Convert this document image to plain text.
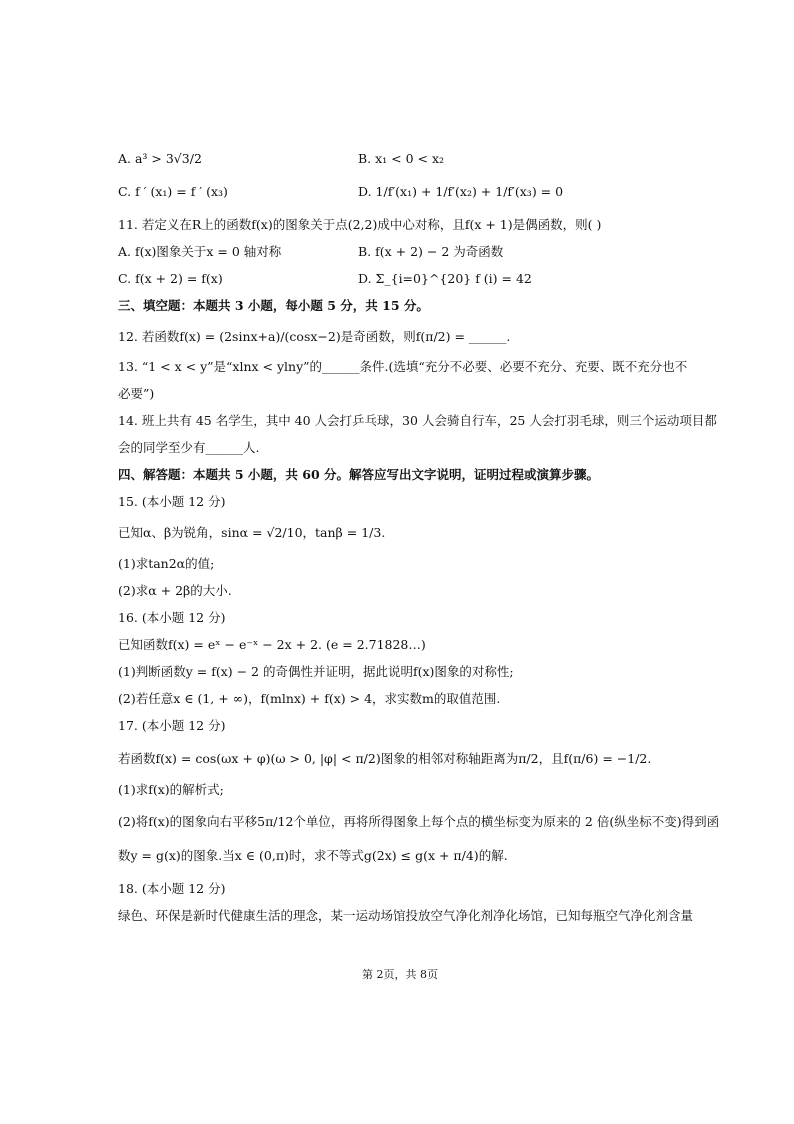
A. a³ > 3√3/2	B. x₁ < 0 < x₂
C. f ′ (x₁) = f ′ (x₃)	D. 1/f′(x₁) + 1/f′(x₂) + 1/f′(x₃) = 0
11. 若定义在R上的函数f(x)的图象关于点(2,2)成中心对称，且f(x + 1)是偶函数，则( )
A. f(x)图象关于x = 0 轴对称	B. f(x + 2) − 2 为奇函数
C. f(x + 2) = f(x)	D. Σ_{i=0}^{20} f (i) = 42
三、填空题：本题共 3 小题，每小题 5 分，共 15 分。
12. 若函数f(x) = (2sinx+a)/(cosx−2)是奇函数，则f(π/2) = ______.
13. “1 < x < y”是“xlnx < ylny”的______条件.(选填“充分不必要、必要不充分、充要、既不充分也不
必要”)
14. 班上共有 45 名学生，其中 40 人会打乒乓球，30 人会骑自行车，25 人会打羽毛球，则三个运动项目都
会的同学至少有______人.
四、解答题：本题共 5 小题，共 60 分。解答应写出文字说明，证明过程或演算步骤。
15. (本小题 12 分)
已知α、β为锐角，sinα = √2/10，tanβ = 1/3.
(1)求tan2α的值;
(2)求α + 2β的大小.
16. (本小题 12 分)
已知函数f(x) = eˣ − e⁻ˣ − 2x + 2. (e = 2.71828…)
(1)判断函数y = f(x) − 2 的奇偶性并证明，据此说明f(x)图象的对称性;
(2)若任意x ∈ (1, + ∞)，f(mlnx) + f(x) > 4，求实数m的取值范围.
17. (本小题 12 分)
若函数f(x) = cos(ωx + φ)(ω > 0, |φ| < π/2)图象的相邻对称轴距离为π/2，且f(π/6) = −1/2.
(1)求f(x)的解析式;
(2)将f(x)的图象向右平移5π/12个单位，再将所得图象上每个点的横坐标变为原来的 2 倍(纵坐标不变)得到函
数y = g(x)的图象.当x ∈ (0,π)时，求不等式g(2x) ≤ g(x + π/4)的解.
18. (本小题 12 分)
绿色、环保是新时代健康生活的理念，某一运动场馆投放空气净化剂净化场馆，已知每瓶空气净化剂含量
第 2页，共 8页
